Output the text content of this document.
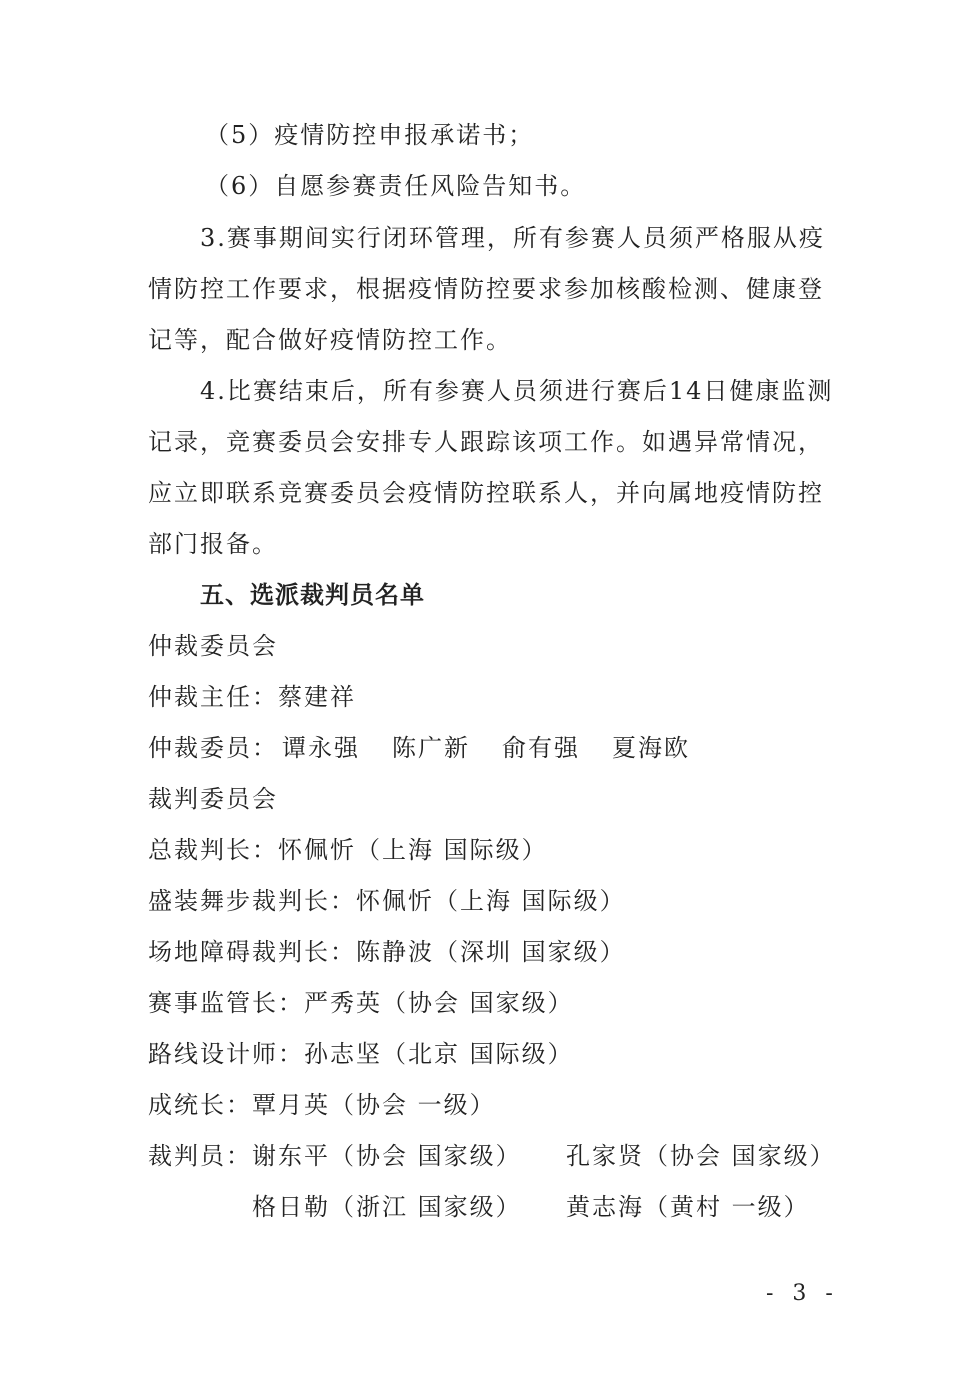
（5）疫情防控申报承诺书；
（6）自愿参赛责任风险告知书。
3.赛事期间实行闭环管理，所有参赛人员须严格服从疫
情防控工作要求，根据疫情防控要求参加核酸检测、健康登
记等，配合做好疫情防控工作。
4.比赛结束后，所有参赛人员须进行赛后14日健康监测
记录，竞赛委员会安排专人跟踪该项工作。如遇异常情况，
应立即联系竞赛委员会疫情防控联系人，并向属地疫情防控
部门报备。
五、选派裁判员名单
仲裁委员会
仲裁主任：蔡建祥
仲裁委员： 谭永强 陈广新 俞有强 夏海欧
裁判委员会
总裁判长：怀佩忻（上海 国际级）
盛装舞步裁判长：怀佩忻（上海 国际级）
场地障碍裁判长：陈静波（深圳 国家级）
赛事监管长：严秀英（协会 国家级）
路线设计师：孙志坚（北京 国际级）
成统长：覃月英（协会 一级）
裁判员： 谢东平（协会 国家级） 孔家贤（协会 国家级）
格日勒（浙江 国家级） 黄志海（黄村 一级）
- 3 -
